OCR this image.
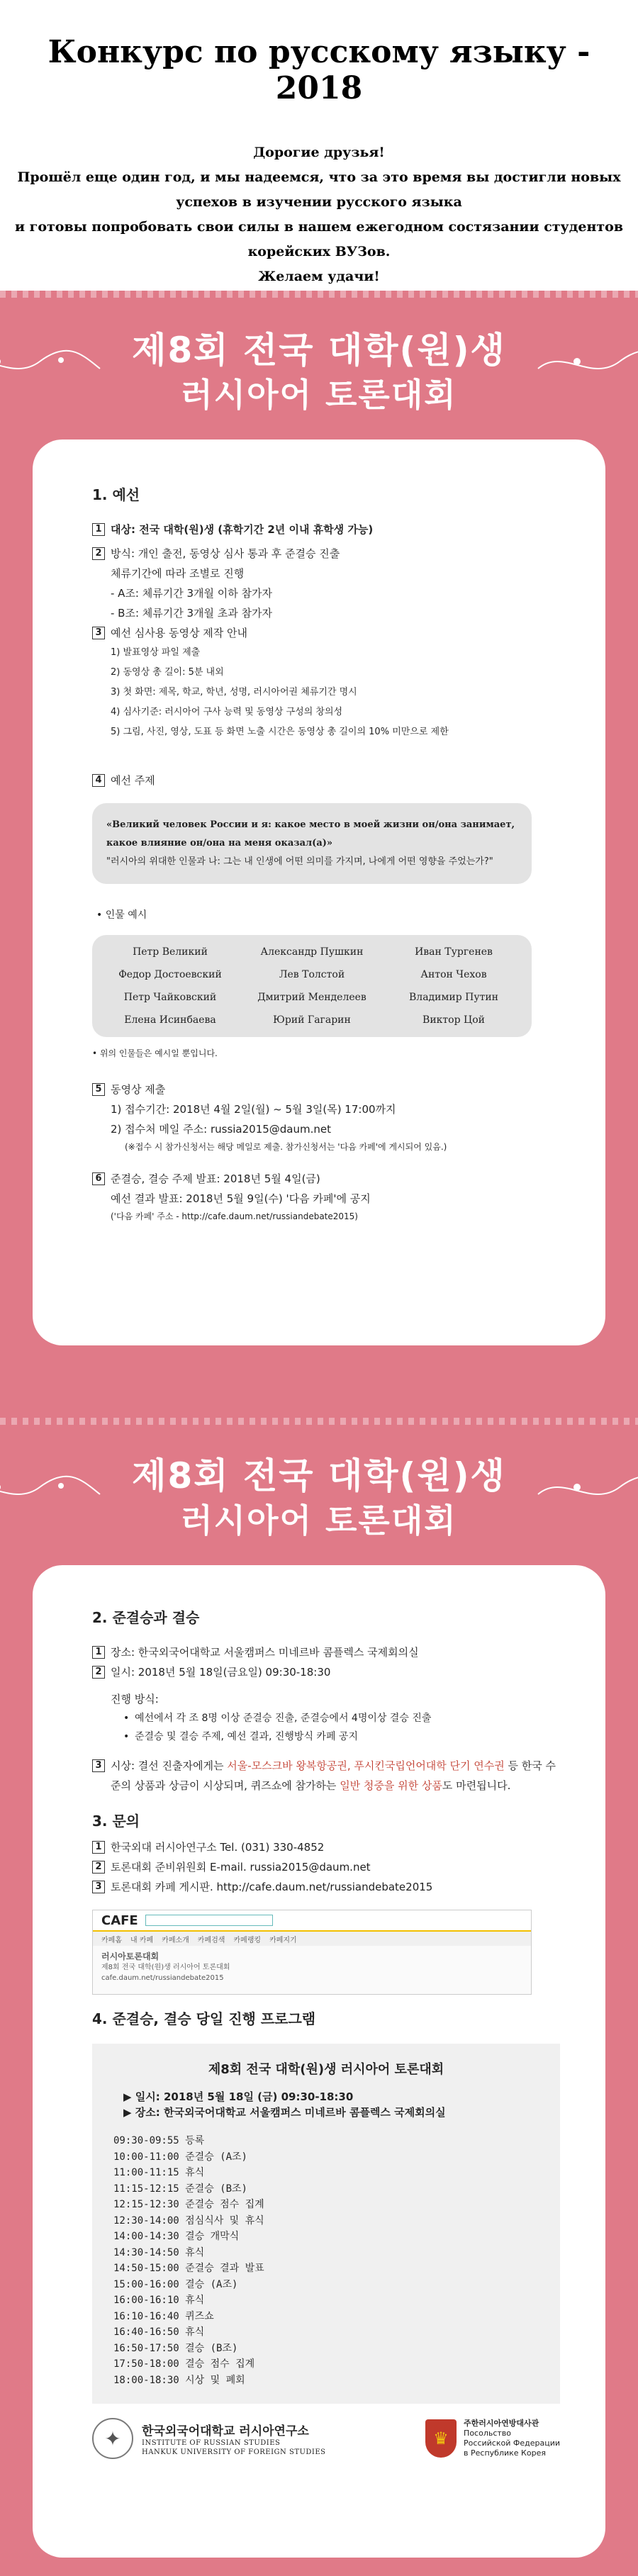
Конкурс по русскому языку - 2018
Дорогие друзья!
Прошёл еще один год, и мы надеемся, что за это время вы достигли новых
успехов в изучении русского языка
и готовы попробовать свои силы в нашем ежегодном состязании студентов
корейских ВУЗов.
Желаем удачи!
제8회 전국 대학(원)생
러시아어 토론대회
1. 예선
1 대상: 전국 대학(원)생 (휴학기간 2년 이내 휴학생 가능)
2 방식: 개인 출전, 동영상 심사 통과 후 준결승 진출
체류기간에 따라 조별로 진행
- A조: 체류기간 3개월 이하 참가자
- B조: 체류기간 3개월 초과 참가자
3 예선 심사용 동영상 제작 안내
1) 발표영상 파일 제출
2) 동영상 총 길이: 5분 내외
3) 첫 화면: 제목, 학교, 학년, 성명, 러시아어권 체류기간 명시
4) 심사기준: 러시아어 구사 능력 및 동영상 구성의 창의성
5) 그림, 사진, 영상, 도표 등 화면 노출 시간은 동영상 총 길이의 10% 미만으로 제한
4 예선 주제
«Великий человек России и я: какое место в моей жизни он/она занимает, какое влияние он/она на меня оказал(а)»
"러시아의 위대한 인물과 나: 그는 내 인생에 어떤 의미를 가지며, 나에게 어떤 영향을 주었는가?"
• 인물 예시
Петр Великий	Александр Пушкин	Иван Тургенев
Федор Достоевский	Лев Толстой	Антон Чехов
Петр Чайковский	Дмитрий Менделеев	Владимир Путин
Елена Исинбаева	Юрий Гагарин	Виктор Цой
• 위의 인물들은 예시일 뿐입니다.
5 동영상 제출
1) 접수기간: 2018년 4월 2일(월) ~ 5월 3일(목) 17:00까지
2) 접수처 메일 주소: russia2015@daum.net
(※접수 시 참가신청서는 해당 메일로 제출. 참가신청서는 '다음 카페'에 게시되어 있음.)
6 준결승, 결승 주제 발표: 2018년 5월 4일(금)
예선 결과 발표: 2018년 5월 9일(수) '다음 카페'에 공지
('다음 카페' 주소 - http://cafe.daum.net/russiandebate2015)
제8회 전국 대학(원)생
러시아어 토론대회
2. 준결승과 결승
1 장소: 한국외국어대학교 서울캠퍼스 미네르바 콤플렉스 국제회의실
2 일시: 2018년 5월 18일(금요일) 09:30-18:30
진행 방식:
• 예선에서 각 조 8명 이상 준결승 진출, 준결승에서 4명이상 결승 진출
• 준결승 및 결승 주제, 예선 결과, 진행방식 카페 공지
3 시상: 결선 진출자에게는 서울-모스크바 왕복항공권, 푸시킨국립언어대학 단기 연수권 등 한국 수준의 상품과 상금이 시상되며, 퀴즈쇼에 참가하는 일반 청중을 위한 상품도 마련됩니다.
3. 문의
1 한국외대 러시아연구소 Tel. (031) 330-4852
2 토론대회 준비위원회 E-mail. russia2015@daum.net
3 토론대회 카페 게시판. http://cafe.daum.net/russiandebate2015
CAFE
카페홈 내 카페 카페소개 카페검색 카페랭킹 카페지기
러시아토론대회
제8회 전국 대학(원)생 러시아어 토론대회
cafe.daum.net/russiandebate2015
4. 준결승, 결승 당일 진행 프로그램
제8회 전국 대학(원)생 러시아어 토론대회
▶ 일시: 2018년 5월 18일 (금) 09:30-18:30
▶ 장소: 한국외국어대학교 서울캠퍼스 미네르바 콤플렉스 국제회의실
09:30-09:55 등록
10:00-11:00 준결승 (A조)
11:00-11:15 휴식
11:15-12:15 준결승 (B조)
12:15-12:30 준결승 점수 집계
12:30-14:00 점심식사 및 휴식
14:00-14:30 결승 개막식
14:30-14:50 휴식
14:50-15:00 준결승 결과 발표
15:00-16:00 결승 (A조)
16:00-16:10 휴식
16:10-16:40 퀴즈쇼
16:40-16:50 휴식
16:50-17:50 결승 (B조)
17:50-18:00 결승 점수 집계
18:00-18:30 시상 및 폐회
✦	한국외국어대학교 러시아연구소
INSTITUTE OF RUSSIAN STUDIES
HANKUK UNIVERSITY OF FOREIGN STUDIES
♛
주한러시아연방대사관
Посольство
Российской Федерации
в Республике Корея
